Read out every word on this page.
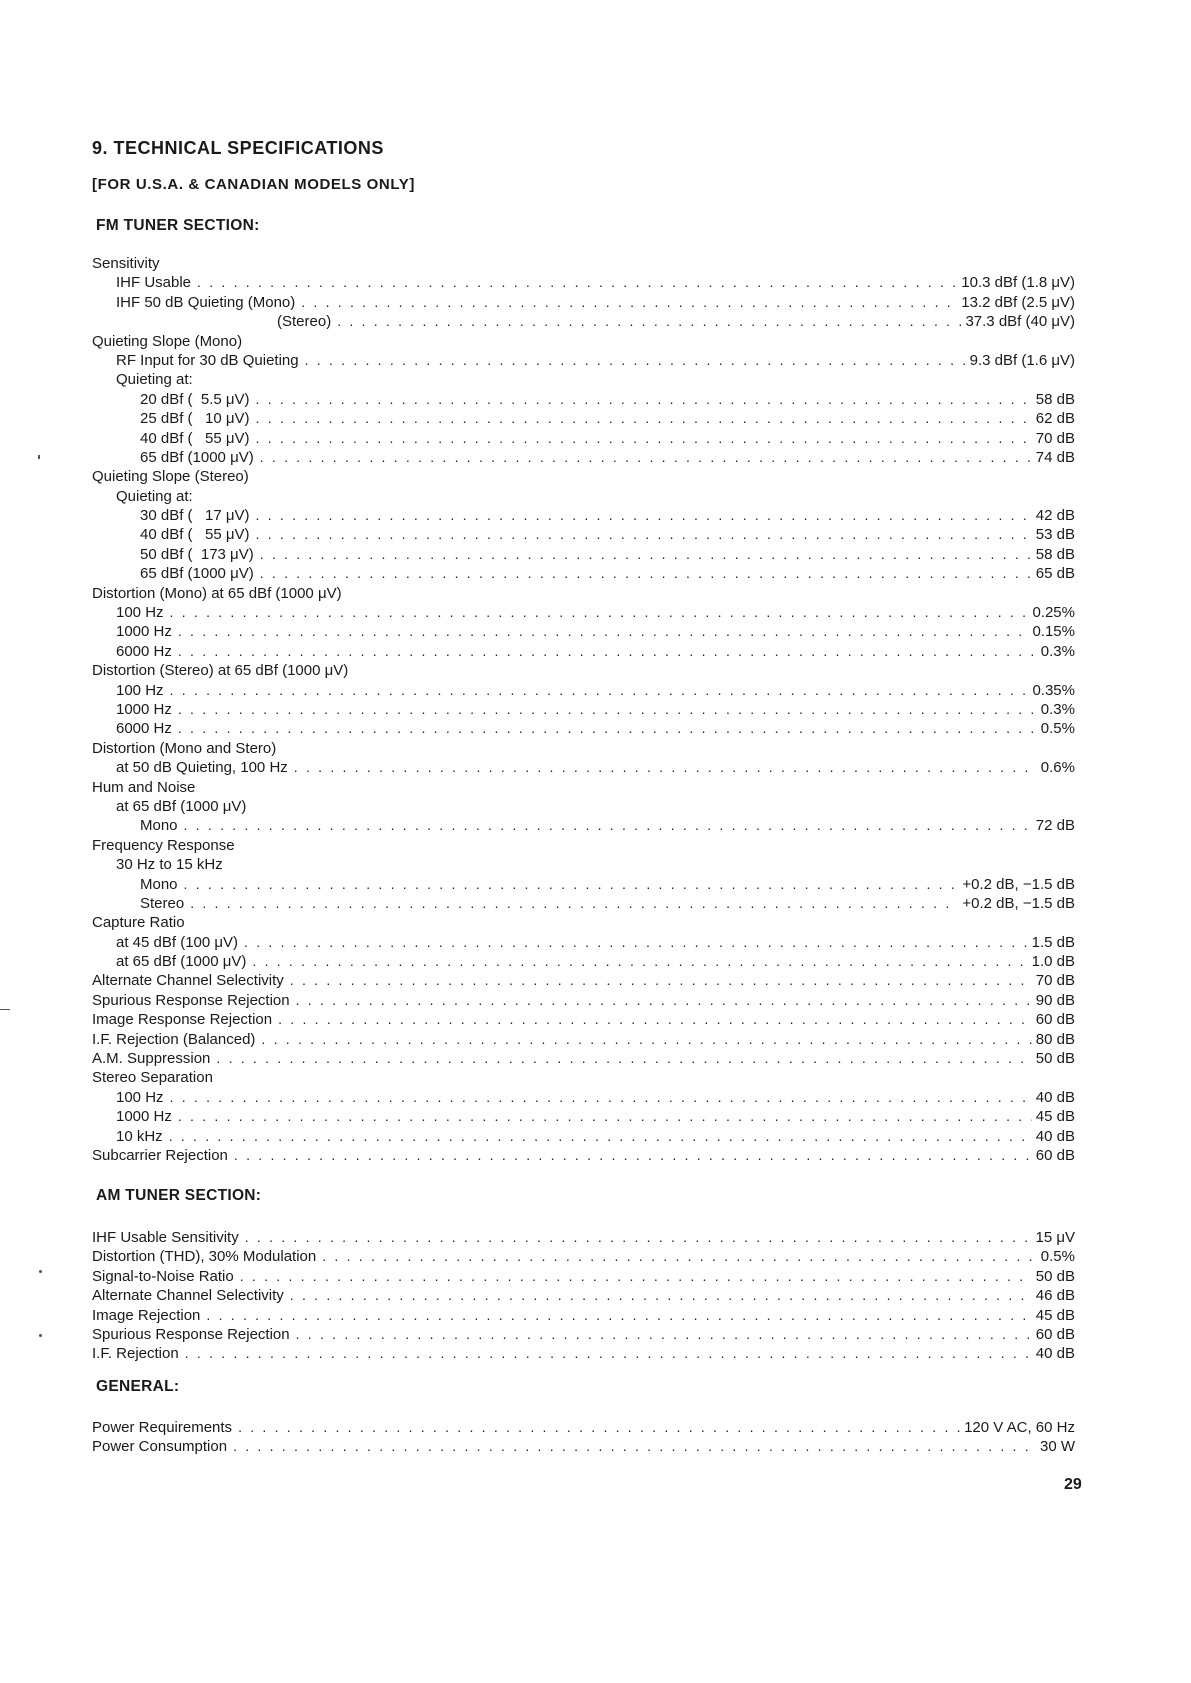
9. TECHNICAL SPECIFICATIONS
[FOR U.S.A. & CANADIAN MODELS ONLY]
FM TUNER SECTION:
Sensitivity
IHF Usable . . .	10.3 dBf (1.8 μV)
IHF 50 dB Quieting (Mono) . . .	13.2 dBf (2.5 μV)
(Stereo) . . .	37.3 dBf (40 μV)
Quieting Slope (Mono)
RF Input for 30 dB Quieting . . .	9.3 dBf (1.6 μV)
Quieting at:
20 dBf (  5.5 μV) . . .	58 dB
25 dBf (   10 μV) . . .	62 dB
40 dBf (   55 μV) . . .	70 dB
65 dBf (1000 μV) . . .	74 dB
Quieting Slope (Stereo)
Quieting at:
30 dBf (   17 μV) . . .	42 dB
40 dBf (   55 μV) . . .	53 dB
50 dBf (  173 μV) . . .	58 dB
65 dBf (1000 μV) . . .	65 dB
Distortion (Mono) at 65 dBf (1000 μV)
100 Hz . . .	0.25%
1000 Hz . . .	0.15%
6000 Hz . . .	0.3%
Distortion (Stereo) at 65 dBf (1000 μV)
100 Hz . . .	0.35%
1000 Hz . . .	0.3%
6000 Hz . . .	0.5%
Distortion (Mono and Stero)
at 50 dB Quieting, 100 Hz . . .	0.6%
Hum and Noise
at 65 dBf (1000 μV)
Mono . . .	72 dB
Frequency Response
30 Hz to 15 kHz
Mono . . .	+0.2 dB, −1.5 dB
Stereo . . .	+0.2 dB, −1.5 dB
Capture Ratio
at 45 dBf (100 μV) . . .	1.5 dB
at 65 dBf (1000 μV) . . .	1.0 dB
Alternate Channel Selectivity . . .	70 dB
Spurious Response Rejection . . .	90 dB
Image Response Rejection . . .	60 dB
I.F. Rejection (Balanced) . . .	80 dB
A.M. Suppression . . .	50 dB
Stereo Separation
100 Hz . . .	40 dB
1000 Hz . . .	45 dB
10 kHz . . .	40 dB
Subcarrier Rejection . . .	60 dB
AM TUNER SECTION:
IHF Usable Sensitivity . . .	15 μV
Distortion (THD), 30% Modulation . . .	0.5%
Signal-to-Noise Ratio . . .	50 dB
Alternate Channel Selectivity . . .	46 dB
Image Rejection . . .	45 dB
Spurious Response Rejection . . .	60 dB
I.F. Rejection . . .	40 dB
GENERAL:
Power Requirements . . .	120 V AC, 60 Hz
Power Consumption . . .	30 W
29
